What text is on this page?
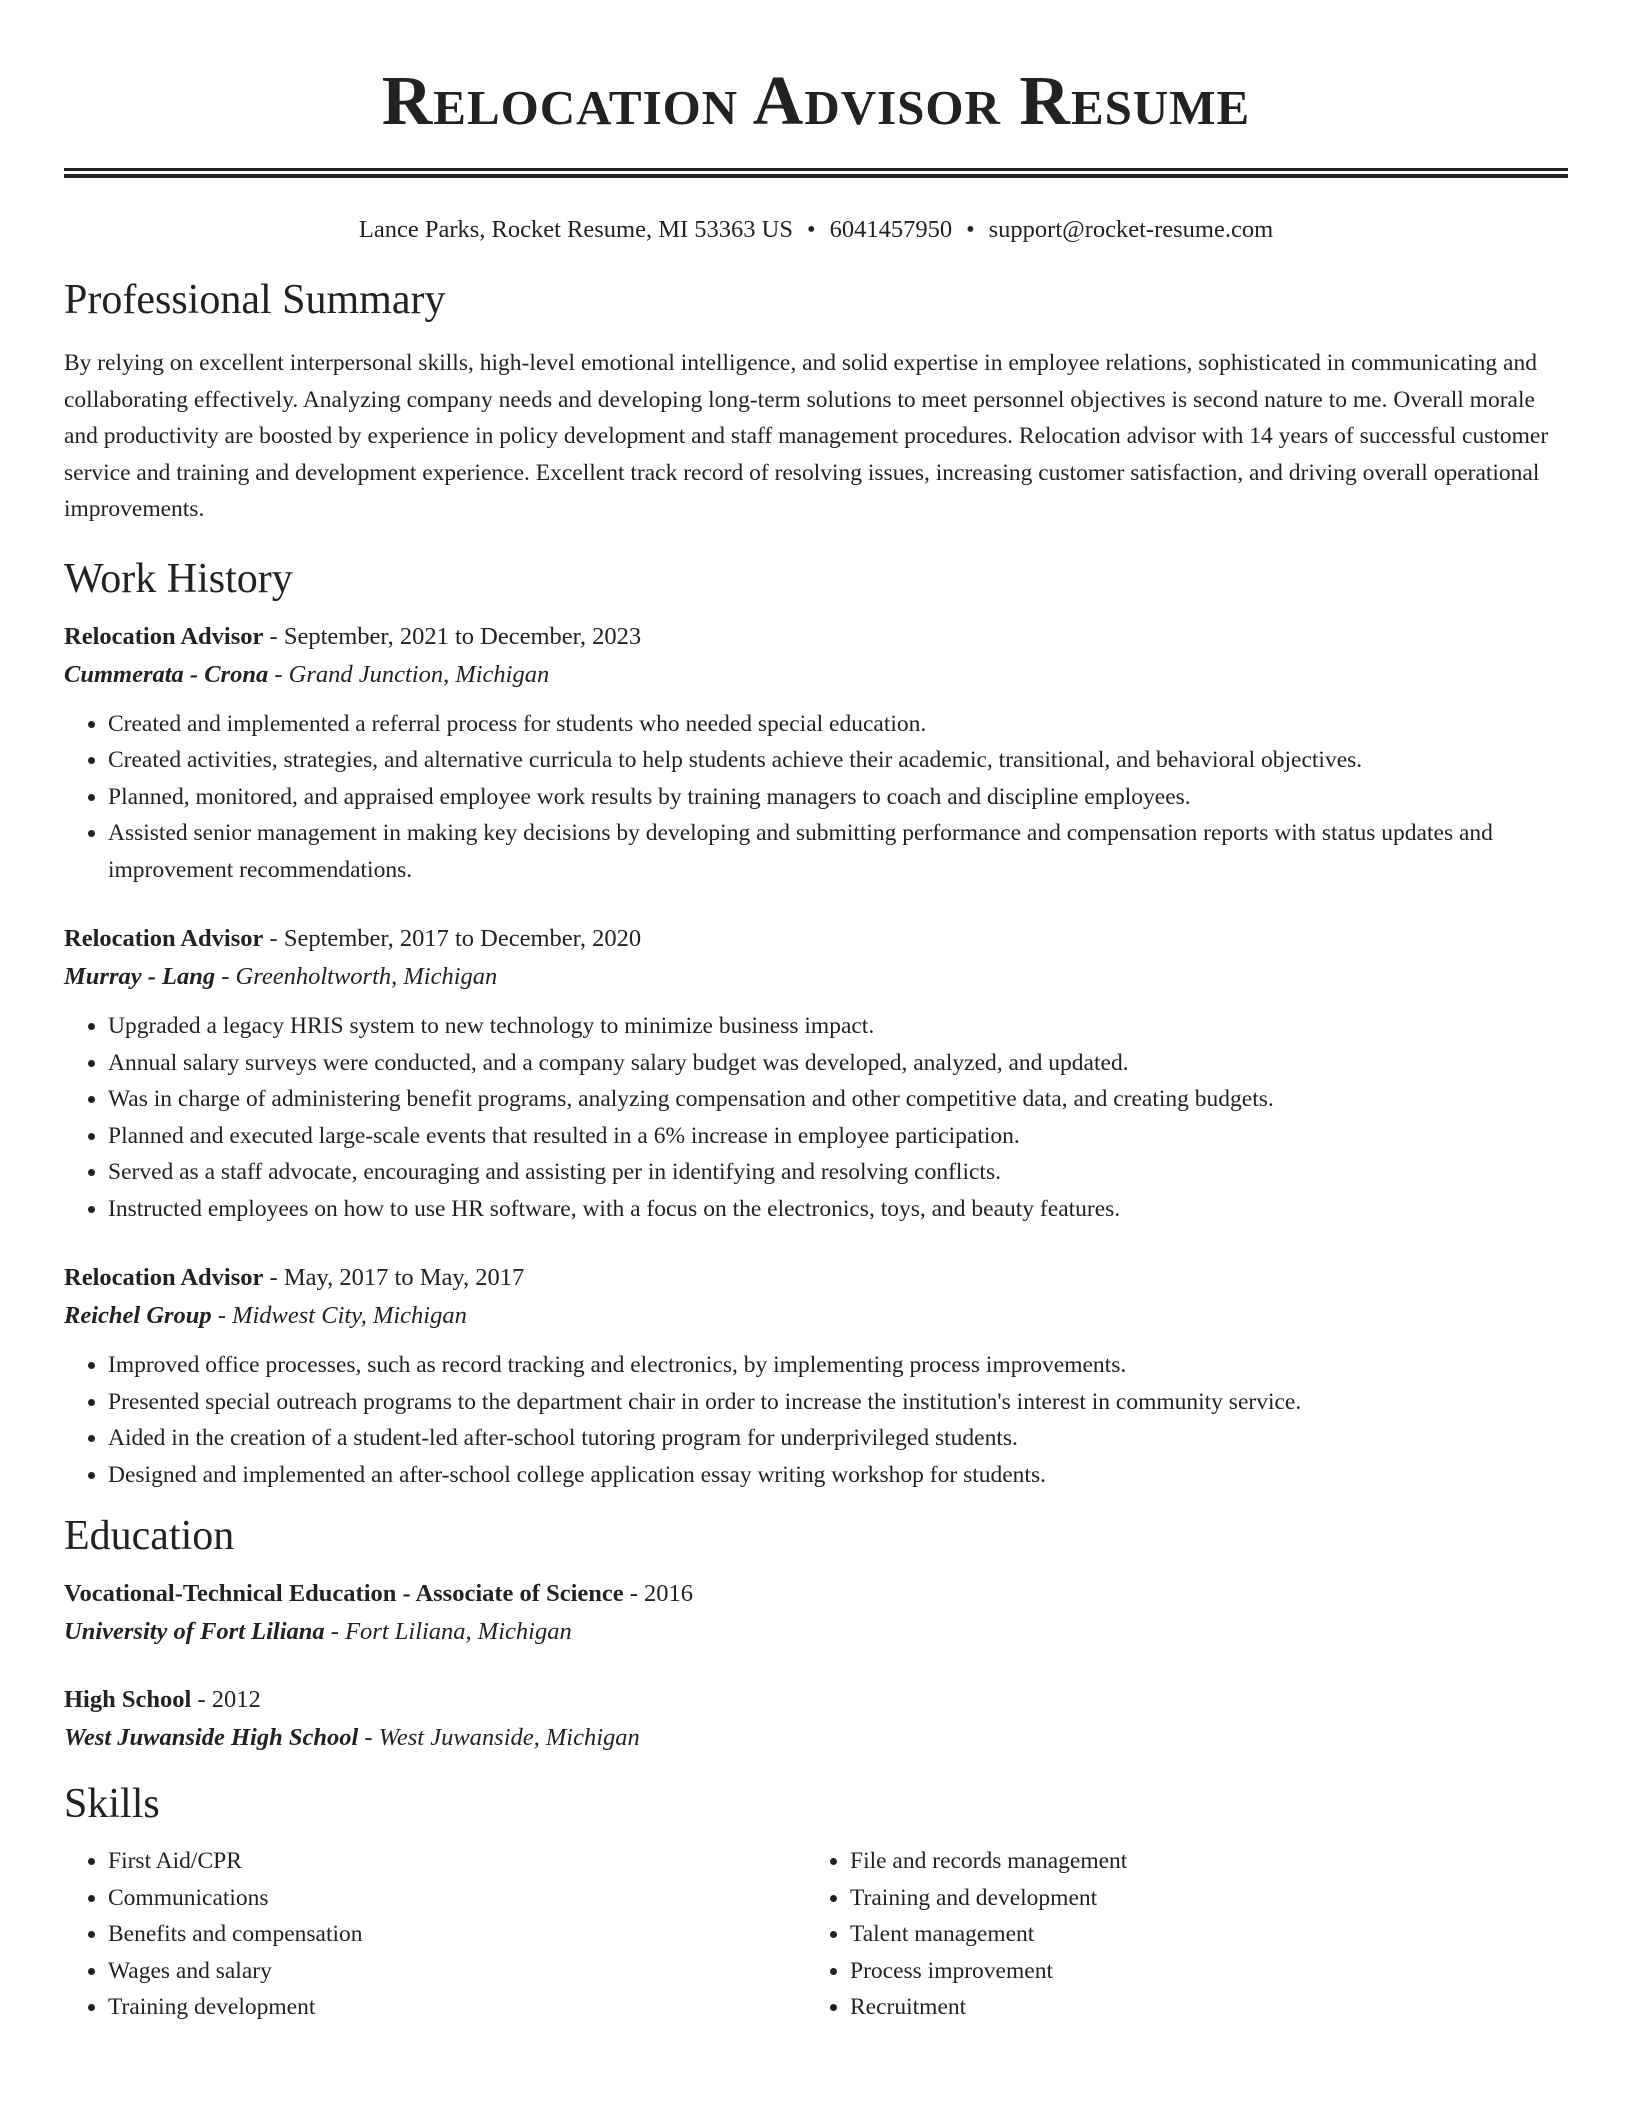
Relocation Advisor Resume
Lance Parks, Rocket Resume, MI 53363 US • 6041457950 • support@rocket-resume.com
Professional Summary

By relying on excellent interpersonal skills, high-level emotional intelligence, and solid expertise in employee relations, sophisticated in communicating and collaborating effectively. Analyzing company needs and developing long-term solutions to meet personnel objectives is second nature to me. Overall morale and productivity are boosted by experience in policy development and staff management procedures. Relocation advisor with 14 years of successful customer service and training and development experience. Excellent track record of resolving issues, increasing customer satisfaction, and driving overall operational improvements.

Work History
Relocation Advisor - September, 2021 to December, 2023
Cummerata - Crona - Grand Junction, Michigan
• Created and implemented a referral process for students who needed special education.
• Created activities, strategies, and alternative curricula to help students achieve their academic, transitional, and behavioral objectives.
• Planned, monitored, and appraised employee work results by training managers to coach and discipline employees.
• Assisted senior management in making key decisions by developing and submitting performance and compensation reports with status updates and improvement recommendations.
Relocation Advisor - September, 2017 to December, 2020
Murray - Lang - Greenholtworth, Michigan
• Upgraded a legacy HRIS system to new technology to minimize business impact.
• Annual salary surveys were conducted, and a company salary budget was developed, analyzed, and updated.
• Was in charge of administering benefit programs, analyzing compensation and other competitive data, and creating budgets.
• Planned and executed large-scale events that resulted in a 6% increase in employee participation.
• Served as a staff advocate, encouraging and assisting per in identifying and resolving conflicts.
• Instructed employees on how to use HR software, with a focus on the electronics, toys, and beauty features.
Relocation Advisor - May, 2017 to May, 2017
Reichel Group - Midwest City, Michigan
• Improved office processes, such as record tracking and electronics, by implementing process improvements.
• Presented special outreach programs to the department chair in order to increase the institution's interest in community service.
• Aided in the creation of a student-led after-school tutoring program for underprivileged students.
• Designed and implemented an after-school college application essay writing workshop for students.
Education
Vocational-Technical Education - Associate of Science - 2016
University of Fort Liliana - Fort Liliana, Michigan
High School - 2012
West Juwanside High School - West Juwanside, Michigan
Skills
• First Aid/CPR
• Communications
• Benefits and compensation
• Wages and salary
• Training development
• File and records management
• Training and development
• Talent management
• Process improvement
• Recruitment
